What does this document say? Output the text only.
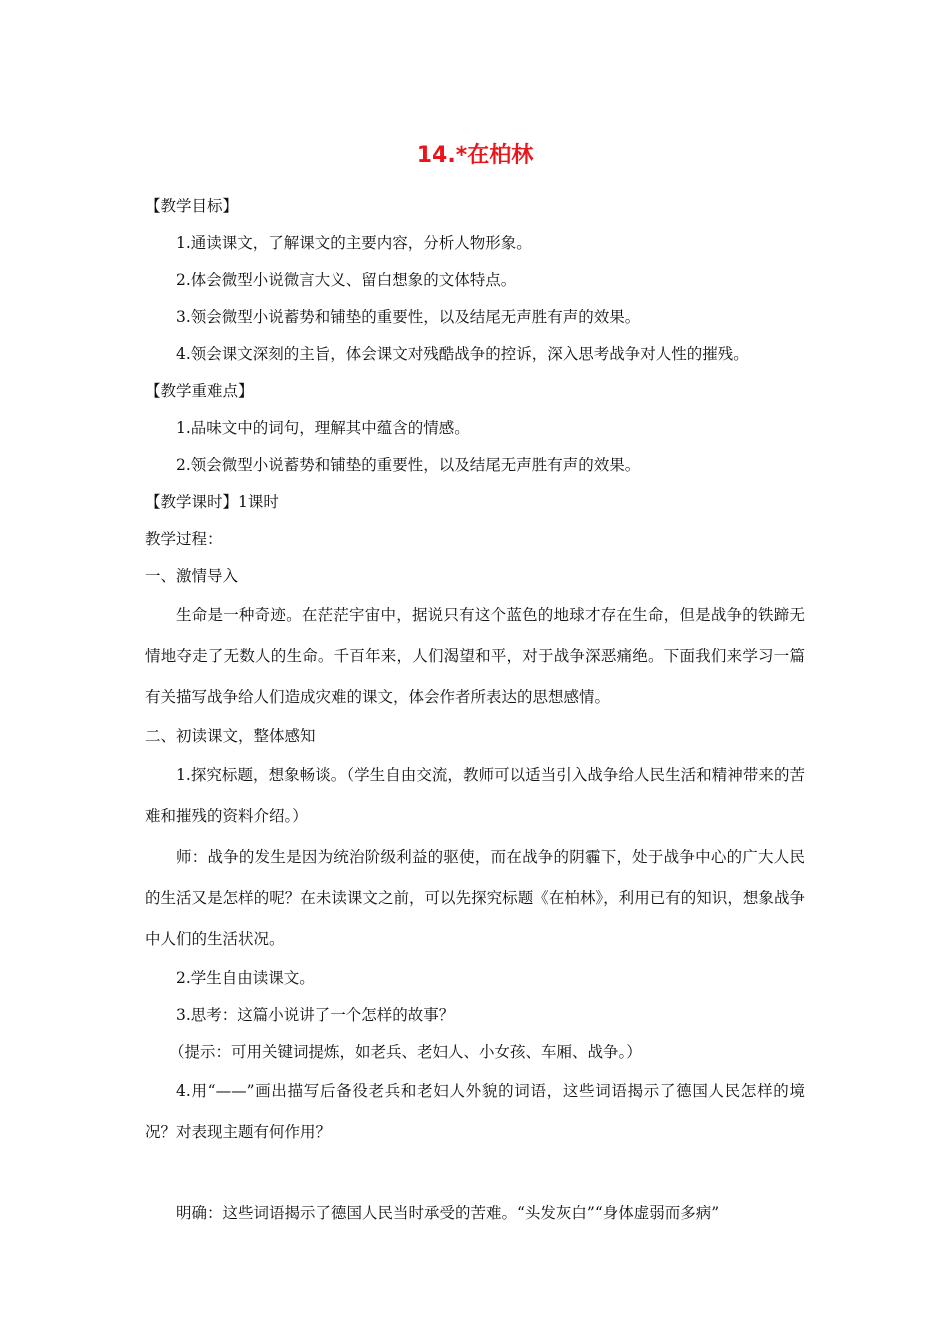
14.*在柏林
【教学目标】
1.通读课文，了解课文的主要内容，分析人物形象。
2.体会微型小说微言大义、留白想象的文体特点。
3.领会微型小说蓄势和铺垫的重要性，以及结尾无声胜有声的效果。
4.领会课文深刻的主旨，体会课文对残酷战争的控诉，深入思考战争对人性的摧残。
【教学重难点】
1.品味文中的词句，理解其中蕴含的情感。
2.领会微型小说蓄势和铺垫的重要性，以及结尾无声胜有声的效果。
【教学课时】1课时
教学过程：
一、激情导入
生命是一种奇迹。在茫茫宇宙中，据说只有这个蓝色的地球才存在生命，但是战争的铁蹄无情地夺走了无数人的生命。千百年来，人们渴望和平，对于战争深恶痛绝。下面我们来学习一篇有关描写战争给人们造成灾难的课文，体会作者所表达的思想感情。
二、初读课文，整体感知
1.探究标题，想象畅谈。（学生自由交流，教师可以适当引入战争给人民生活和精神带来的苦难和摧残的资料介绍。）
师：战争的发生是因为统治阶级利益的驱使，而在战争的阴霾下，处于战争中心的广大人民的生活又是怎样的呢？在未读课文之前，可以先探究标题《在柏林》，利用已有的知识，想象战争中人们的生活状况。
2.学生自由读课文。
3.思考：这篇小说讲了一个怎样的故事？
（提示：可用关键词提炼，如老兵、老妇人、小女孩、车厢、战争。）
4.用“——”画出描写后备役老兵和老妇人外貌的词语，这些词语揭示了德国人民怎样的境况？对表现主题有何作用？
明确：这些词语揭示了德国人民当时承受的苦难。“头发灰白”“身体虚弱而多病”
